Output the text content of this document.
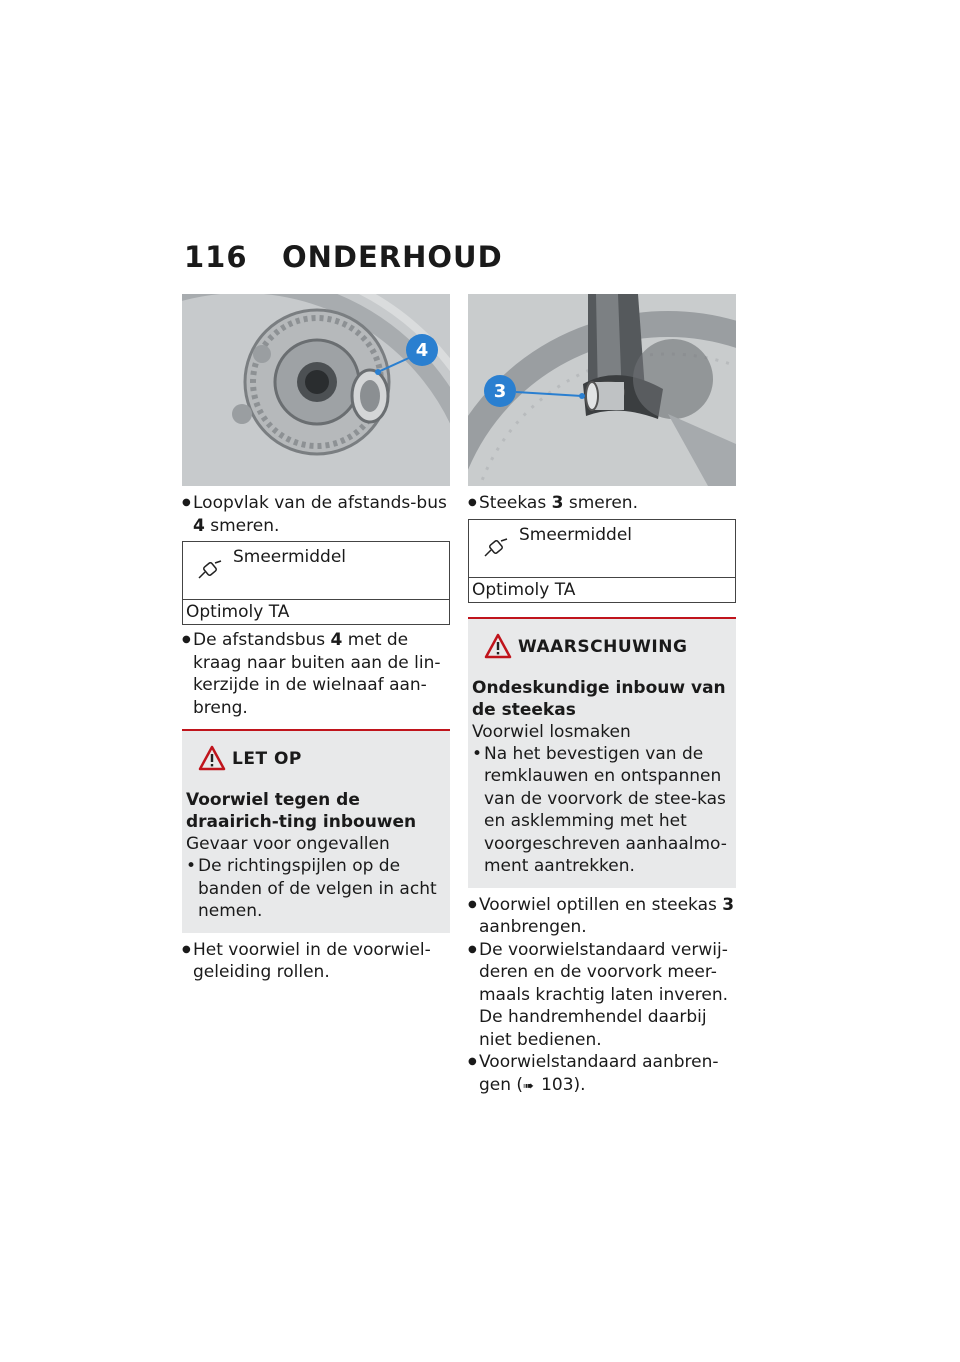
116 ONDERHOUD
4

● Loopvlak van de afstands-bus 4 smeren.

Smeermiddel
Optimoly TA

● De afstandsbus 4 met de kraag naar buiten aan de lin-kerzijde in de wielnaaf aan-breng.

LET OP

Voorwiel tegen de draairich-ting inbouwen

Gevaar voor ongevallen

• De richtingspijlen op de banden of de velgen in acht nemen.

● Het voorwiel in de voorwiel-geleiding rollen.

3

● Steekas 3 smeren.

Smeermiddel
Optimoly TA
WAARSCHUWING

Ondeskundige inbouw van de steekas

Voorwiel losmaken

• Na het bevestigen van de remklauwen en ontspannen van de voorvork de stee-kas en asklemming met het voorgeschreven aanhaalmo-ment aantrekken.

● Voorwiel optillen en steekas 3 aanbrengen.

● De voorwielstandaard verwij-deren en de voorvork meer-maals krachtig laten inveren. De handremhendel daarbij niet bedienen.

● Voorwielstandaard aanbren-gen (➠ 103).
